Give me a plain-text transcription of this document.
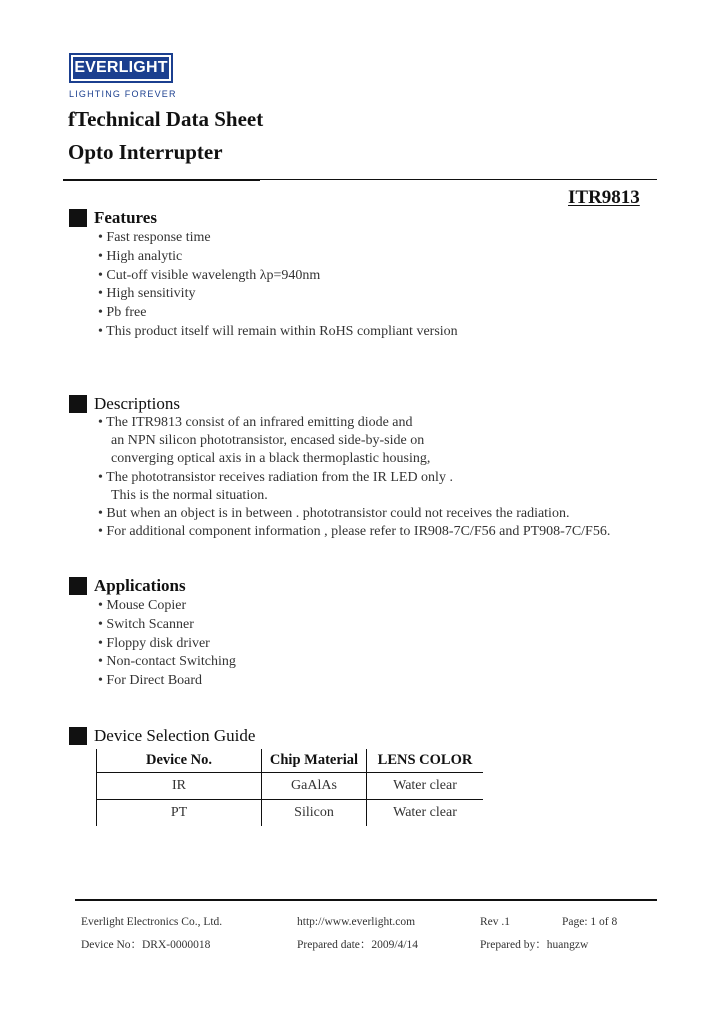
EVERLIGHT
LIGHTING FOREVER
fTechnical Data Sheet
Opto Interrupter
ITR9813
Features
• Fast response time
• High analytic
• Cut-off visible wavelength λp=940nm
• High sensitivity
• Pb free
• This product itself will remain within RoHS compliant version
Descriptions
• The ITR9813 consist of an infrared emitting diode and
an NPN silicon phototransistor, encased side-by-side on
converging optical axis in a black thermoplastic housing,
• The phototransistor receives radiation from the IR LED only .
This is the normal situation.
• But when an object is in between . phototransistor could not receives the radiation.
• For additional component information , please refer to IR908-7C/F56 and PT908-7C/F56.
Applications
• Mouse Copier
• Switch Scanner
• Floppy disk driver
• Non-contact Switching
• For Direct Board
Device Selection Guide
Device No.	Chip Material	LENS COLOR
IR	GaAlAs	Water clear
PT	Silicon	Water clear
Everlight Electronics Co., Ltd.	http://www.everlight.com	Rev .1	Page: 1 of 8
Device No：DRX-0000018	Prepared date：2009/4/14	Prepared by：huangzw
